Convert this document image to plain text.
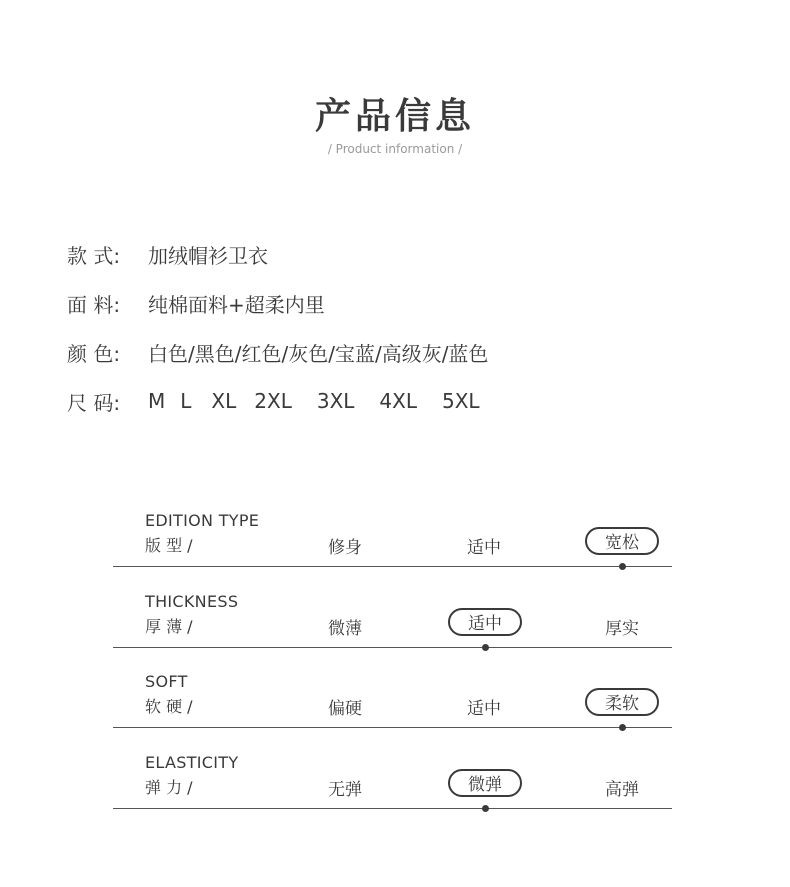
产品信息
/ Product information /
款 式:	加绒帽衫卫衣
面 料:	纯棉面料+超柔内里
颜 色:	白色/黑色/红色/灰色/宝蓝/高级灰/蓝色
尺 码:	M L XL 2XL 3XL 4XL 5XL
EDITION TYPE
版 型 /	修身	适中	宽松
THICKNESS
厚 薄 /	微薄	适中	厚实
SOFT
软 硬 /	偏硬	适中	柔软
ELASTICITY
弹 力 /	无弹	微弹	高弹
